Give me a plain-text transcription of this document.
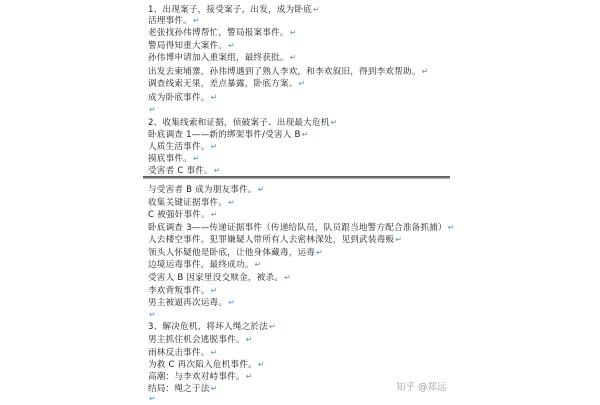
1、出现案子，接受案子，出发，成为卧底↵
活埋事件。↵
老张找孙伟博帮忙，警局报案事件。↵
警局得知重大案件。↵
孙伟博申请加入重案组，最终获批。↵
出发去柬埔寨，孙伟博遇到了熟人李欢，和李欢叙旧，得到李欢帮助。↵
调查线索无果，差点暴露，卧底方案。↵
成为卧底事件。↵
↵
2、收集线索和证据，侦破案子、出现最大危机↵
卧底调查 1——新的绑架事件/受害人 B↵
人质生活事件。↵
摸底事件。↵
受害者 C 事件。↵
与受害者 B 成为朋友事件。↵
收集关键证据事件。↵
C 被强奸事件。↵
卧底调查 3——传递证据事件（传递给队员，队员跟当地警方配合准备抓捕）↵
人去楼空事件。犯罪嫌疑人带所有人去密林深处，见到武装毒贩↵
领头人怀疑他是卧底，让他身体藏毒，运毒↵
边境运毒事件，最终成功。↵
受害人 B 因家里没交赎金，被杀。↵
李欢背叛事件。↵
男主被逼再次运毒。↵
↵
3、解决危机，将坏人绳之於法↵
男主抓住机会逃脱事件。↵
雨林反击事件。↵
为救 C 再次陷入危机事件。↵
高潮：与李欢对峙事件。↵
结局：绳之于法↵
↵
知乎 @郑远
